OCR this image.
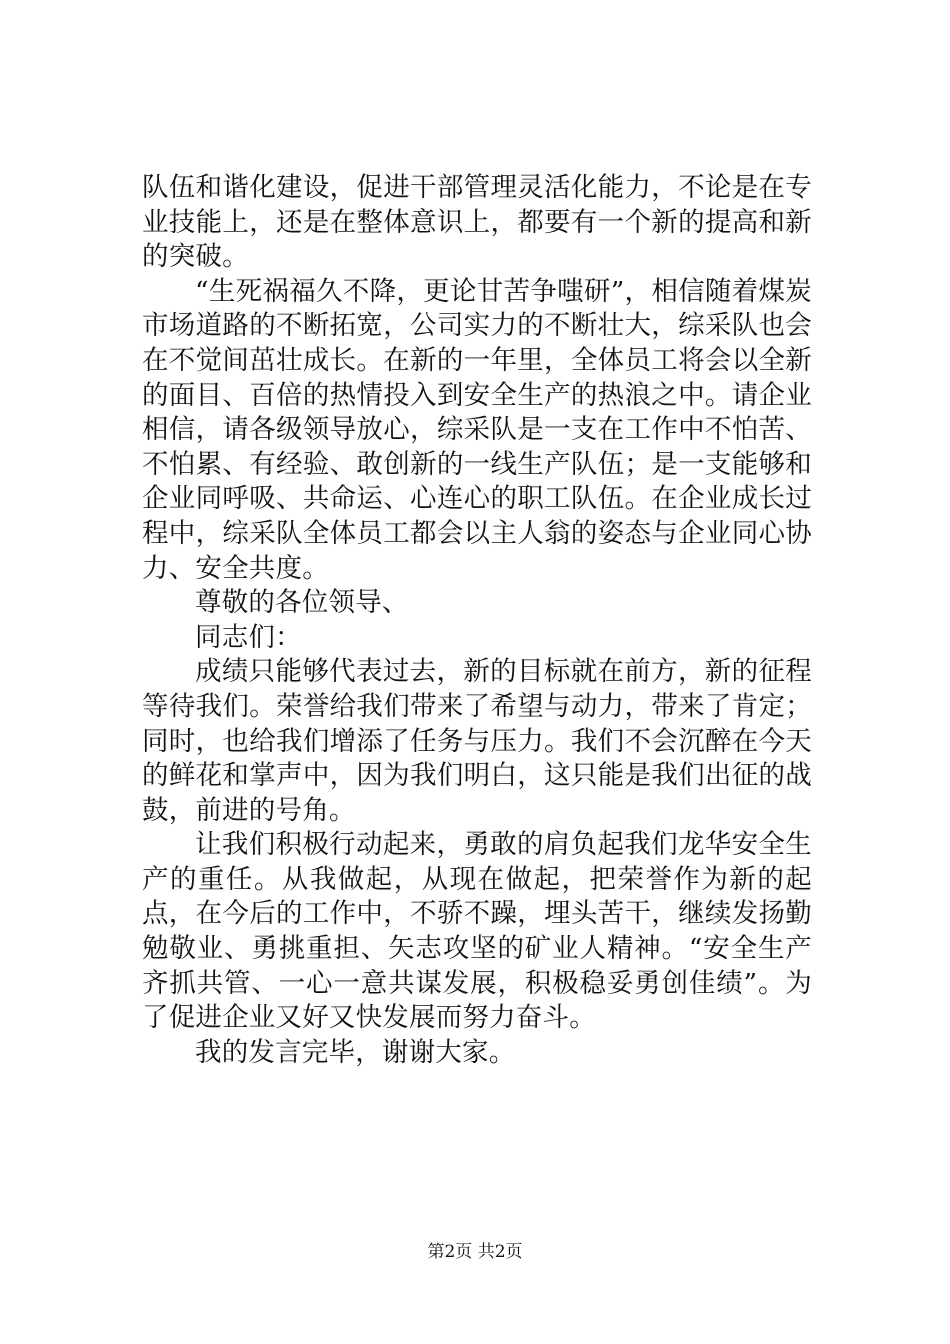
队伍和谐化建设，促进干部管理灵活化能力，不论是在专业技能上，还是在整体意识上，都要有一个新的提高和新的突破。

“生死祸福久不降，更论甘苦争嗤研”，相信随着煤炭市场道路的不断拓宽，公司实力的不断壮大，综采队也会在不觉间茁壮成长。在新的一年里，全体员工将会以全新的面目、百倍的热情投入到安全生产的热浪之中。请企业相信，请各级领导放心，综采队是一支在工作中不怕苦、不怕累、有经验、敢创新的一线生产队伍；是一支能够和企业同呼吸、共命运、心连心的职工队伍。在企业成长过程中，综采队全体员工都会以主人翁的姿态与企业同心协力、安全共度。

尊敬的各位领导、

同志们：

成绩只能够代表过去，新的目标就在前方，新的征程等待我们。荣誉给我们带来了希望与动力，带来了肯定；同时，也给我们增添了任务与压力。我们不会沉醉在今天的鲜花和掌声中，因为我们明白，这只能是我们出征的战鼓，前进的号角。

让我们积极行动起来，勇敢的肩负起我们龙华安全生产的重任。从我做起，从现在做起，把荣誉作为新的起点，在今后的工作中，不骄不躁，埋头苦干，继续发扬勤勉敬业、勇挑重担、矢志攻坚的矿业人精神。“安全生产齐抓共管、一心一意共谋发展，积极稳妥勇创佳绩”。为了促进企业又好又快发展而努力奋斗。

我的发言完毕，谢谢大家。

第2页 共2页
